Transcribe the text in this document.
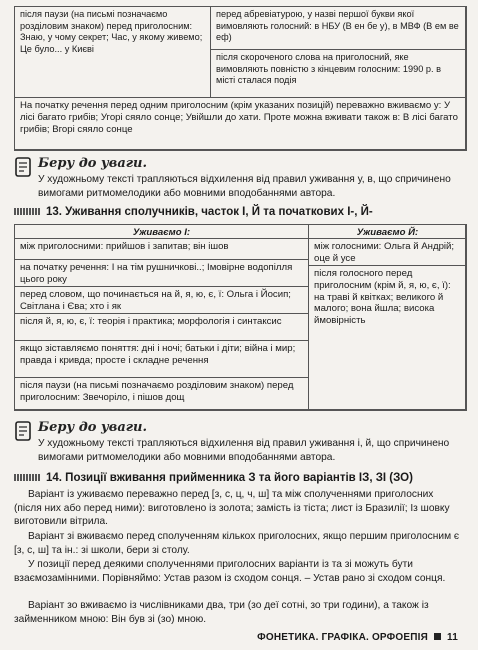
після паузи (на письмі позначаємо розділовим знаком) перед приголосним: Знаю, у чому секрет; Час, у якому живемо; Це було... у Києві
перед абревіатурою, у назві першої букви якої вимовляють голосний: в НБУ (В ен бе у), в МВФ (В ем ве еф)
після скороченого слова на приголосний, яке вимовляють повністю з кінцевим голосним: 1990 р. в місті сталася подія
На початку речення перед одним приголосним (крім указаних позицій) переважно вживаємо у: У лісі багато грибів; Угорі сяяло сонце; Увійшли до хати. Проте можна вживати також в: В лісі багато грибів; Вгорі сяяло сонце
Беру до уваги.
У художньому тексті трапляються відхилення від правил уживання у, в, що спричинено вимогами ритмомелодики або мовними вподобаннями автора.
13. Уживання сполучників, часток І, Й та початкових І-, Й-
Уживаємо І:	Уживаємо Й:
між приголосними: прийшов і запитав; він ішов
на початку речення: І на тім рушничкові..; Імовірне водопілля цього року
перед словом, що починається на й, я, ю, є, ї: Ольга і Йосип; Світлана і Єва; хто і як
після й, я, ю, є, ї: теорія і практика; морфологія і синтаксис
якщо зіставляємо поняття: дні і ночі; батьки і діти; війна і мир; правда і кривда; просте і складне речення
після паузи (на письмі позначаємо розділовим знаком) перед приголосним: Звечоріло, і пішов дощ
між голосними: Ольга й Андрій; оце й усе
після голосного перед приголосним (крім й, я, ю, є, ї): на траві й квітках; великого й малого; вона йшла; висока ймовірність
Беру до уваги.
У художньому тексті трапляються відхилення від правил уживання і, й, що спричинено вимогами ритмомелодики або мовними вподобаннями автора.
14. Позиції вживання прийменника З та його варіантів ІЗ, ЗІ (ЗО)
Варіант із уживаємо переважно перед [з, с, ц, ч, ш] та між сполученнями приголосних (після них або перед ними): виготовлено із золота; замість із тіста; лист із Бразилії; Із шовку виготовили вітрила.
Варіант зі вживаємо перед сполученням кількох приголосних, якщо першим приголосним є [з, с, ш] та ін.: зі школи, бери зі столу.
У позиції перед деякими сполученнями приголосних варіанти із та зі можуть бути взаємозамінними. Порівняймо: Устав разом із сходом сонця. – Устав рано зі сходом сонця.
Варіант зо вживаємо із числівниками два, три (зо деї сотні, зо три години), а також із займенником мною: Він був зі (зо) мною.
ФОНЕТИКА. ГРАФІКА. ОРФОЕПІЯ 11
